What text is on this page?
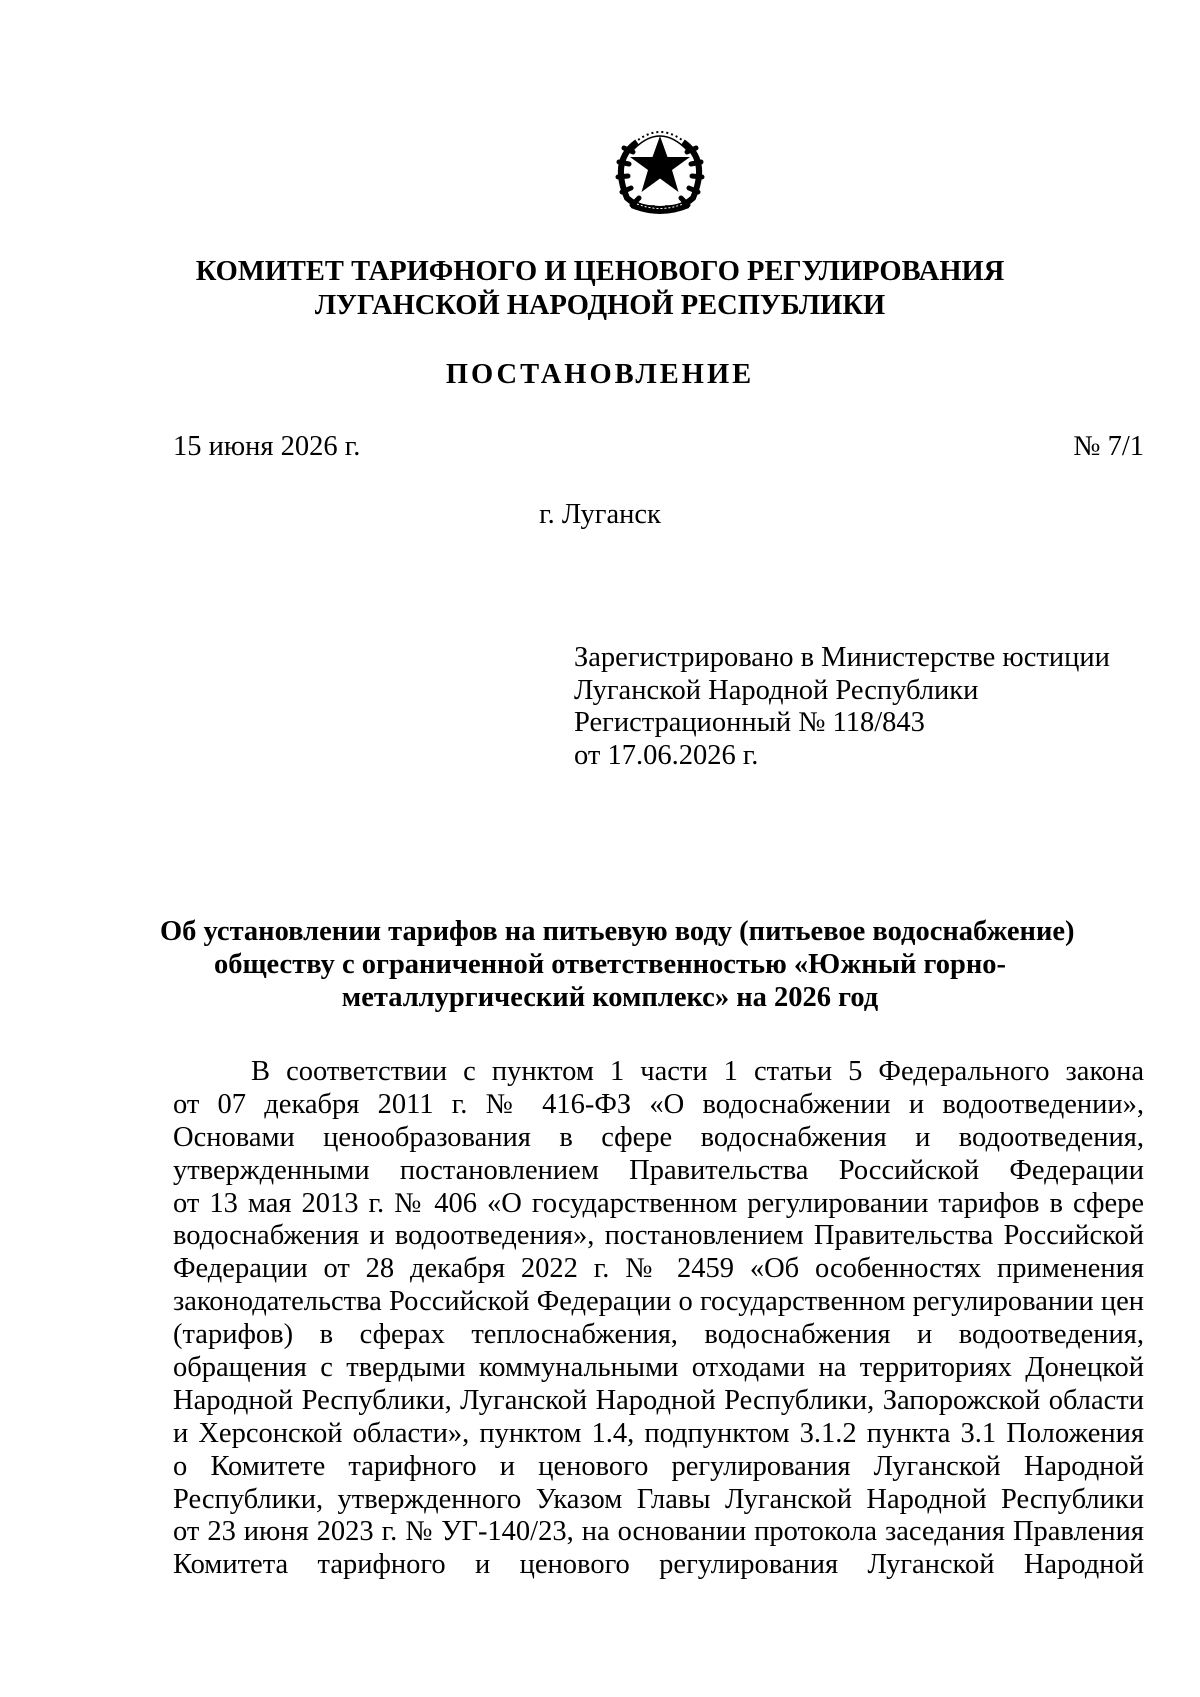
КОМИТЕТ ТАРИФНОГО И ЦЕНОВОГО РЕГУЛИРОВАНИЯ
ЛУГАНСКОЙ НАРОДНОЙ РЕСПУБЛИКИ
ПОСТАНОВЛЕНИЕ
15 июня 2026 г.	№ 7/1
г. Луганск
Зарегистрировано в Министерстве юстиции
Луганской Народной Республики
Регистрационный № 118/843
от 17.06.2026 г.
Об установлении тарифов на питьевую воду (питьевое водоснабжение)
обществу с ограниченной ответственностью «Южный горно-
металлургический комплекс» на 2026 год
В соответствии с пунктом 1 части 1 статьи 5 Федерального закона
от 07 декабря 2011 г. № 416-ФЗ «О водоснабжении и водоотведении»,
Основами ценообразования в сфере водоснабжения и водоотведения,
утвержденными постановлением Правительства Российской Федерации
от 13 мая 2013 г. № 406 «О государственном регулировании тарифов в сфере
водоснабжения и водоотведения», постановлением Правительства Российской
Федерации от 28 декабря 2022 г. № 2459 «Об особенностях применения
законодательства Российской Федерации о государственном регулировании цен
(тарифов) в сферах теплоснабжения, водоснабжения и водоотведения,
обращения с твердыми коммунальными отходами на территориях Донецкой
Народной Республики, Луганской Народной Республики, Запорожской области
и Херсонской области», пунктом 1.4, подпунктом 3.1.2 пункта 3.1 Положения
о Комитете тарифного и ценового регулирования Луганской Народной
Республики, утвержденного Указом Главы Луганской Народной Республики
от 23 июня 2023 г. № УГ-140/23, на основании протокола заседания Правления
Комитета тарифного и ценового регулирования Луганской Народной
